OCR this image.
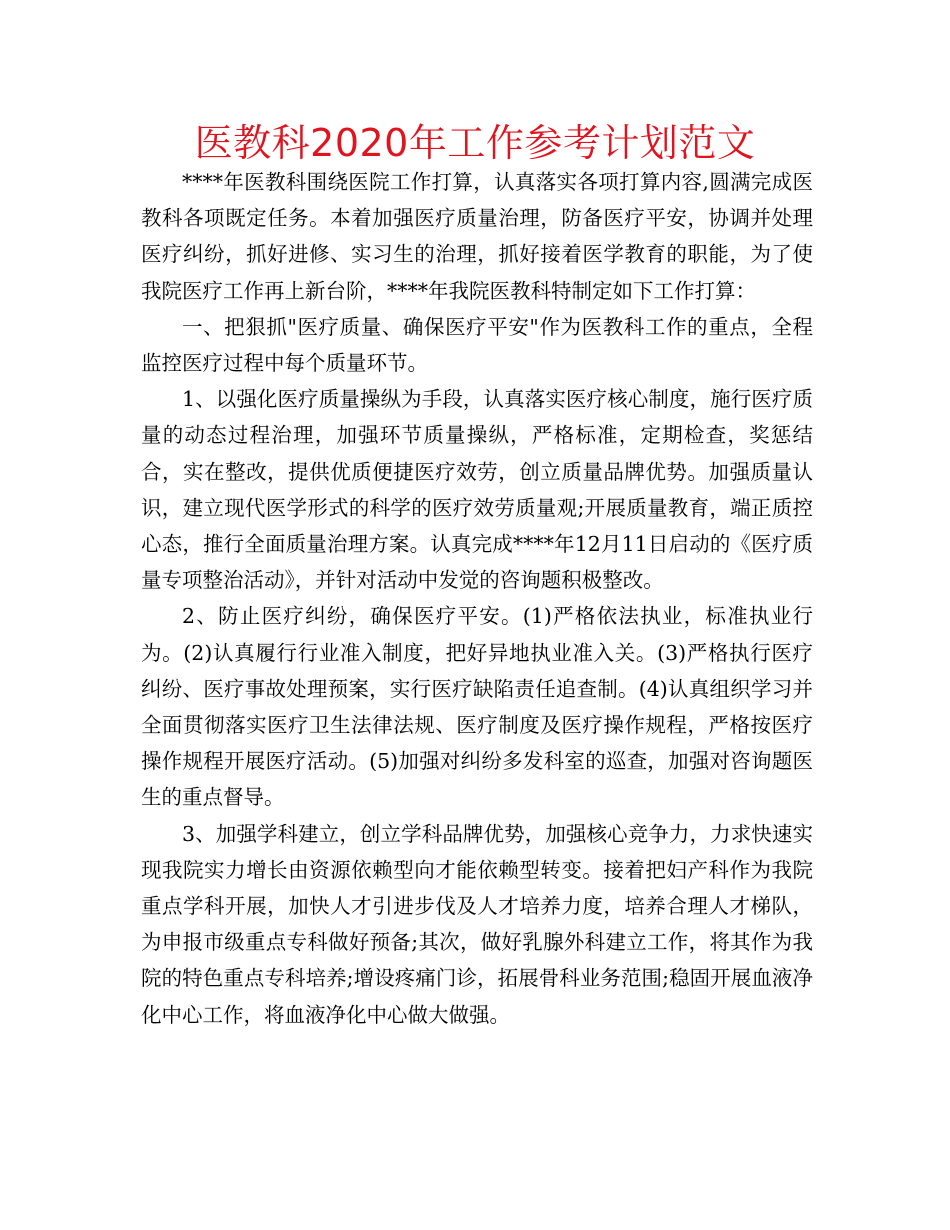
医教科2020年工作参考计划范文

****年医教科围绕医院工作打算，认真落实各项打算内容,圆满完成医教科各项既定任务。本着加强医疗质量治理，防备医疗平安，协调并处理医疗纠纷，抓好进修、实习生的治理，抓好接着医学教育的职能，为了使我院医疗工作再上新台阶，****年我院医教科特制定如下工作打算：

一、把狠抓"医疗质量、确保医疗平安"作为医教科工作的重点，全程监控医疗过程中每个质量环节。

1、以强化医疗质量操纵为手段，认真落实医疗核心制度，施行医疗质量的动态过程治理，加强环节质量操纵，严格标准，定期检查，奖惩结合，实在整改，提供优质便捷医疗效劳，创立质量品牌优势。加强质量认识，建立现代医学形式的科学的医疗效劳质量观;开展质量教育，端正质控心态，推行全面质量治理方案。认真完成****年12月11日启动的《医疗质量专项整治活动》，并针对活动中发觉的咨询题积极整改。

2、防止医疗纠纷，确保医疗平安。(1)严格依法执业，标准执业行为。(2)认真履行行业准入制度，把好异地执业准入关。(3)严格执行医疗纠纷、医疗事故处理预案，实行医疗缺陷责任追查制。(4)认真组织学习并全面贯彻落实医疗卫生法律法规、医疗制度及医疗操作规程，严格按医疗操作规程开展医疗活动。(5)加强对纠纷多发科室的巡查，加强对咨询题医生的重点督导。

3、加强学科建立，创立学科品牌优势，加强核心竞争力，力求快速实现我院实力增长由资源依赖型向才能依赖型转变。接着把妇产科作为我院重点学科开展，加快人才引进步伐及人才培养力度，培养合理人才梯队，为申报市级重点专科做好预备;其次，做好乳腺外科建立工作，将其作为我院的特色重点专科培养;增设疼痛门诊，拓展骨科业务范围;稳固开展血液净化中心工作，将血液净化中心做大做强。
